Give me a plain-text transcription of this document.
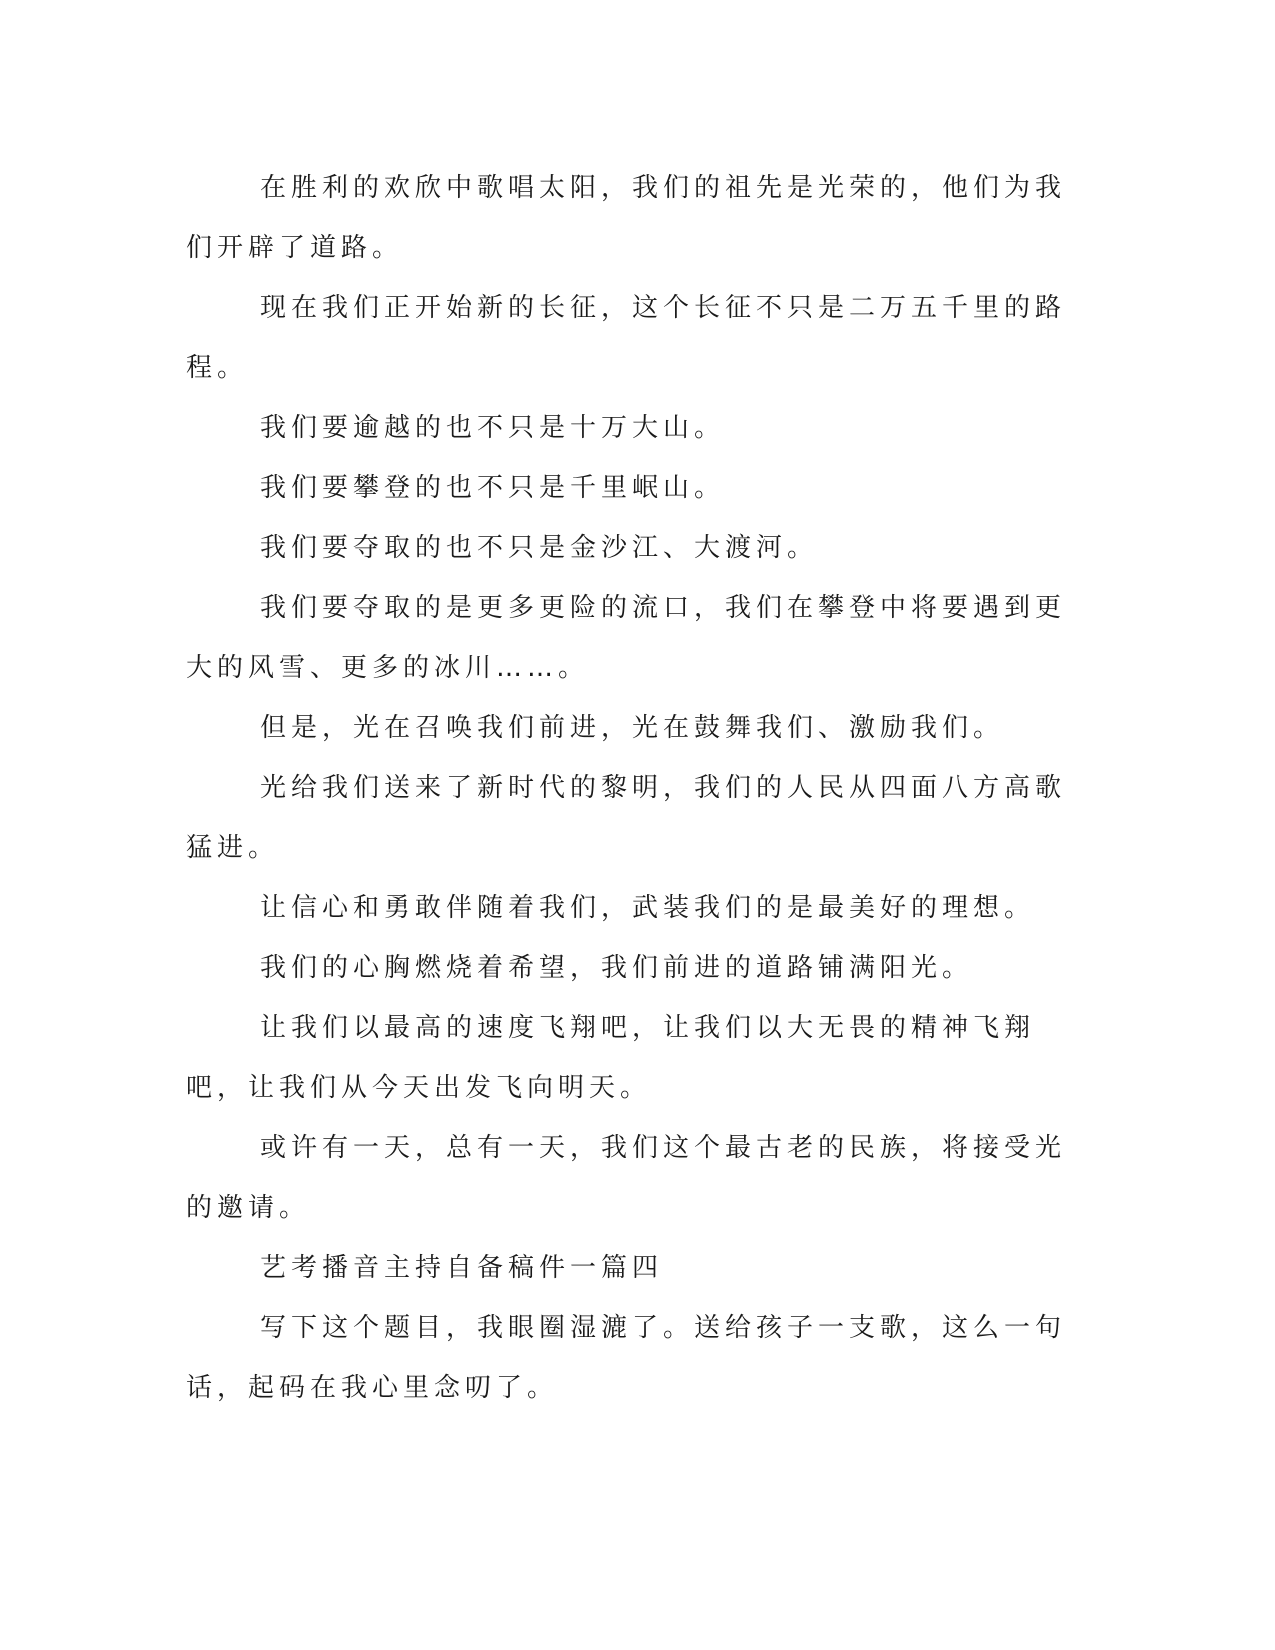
在胜利的欢欣中歌唱太阳，我们的祖先是光荣的，他们为我们开辟了道路。

现在我们正开始新的长征，这个长征不只是二万五千里的路程。

我们要逾越的也不只是十万大山。

我们要攀登的也不只是千里岷山。

我们要夺取的也不只是金沙江、大渡河。

我们要夺取的是更多更险的流口，我们在攀登中将要遇到更大的风雪、更多的冰川……。

但是，光在召唤我们前进，光在鼓舞我们、激励我们。

光给我们送来了新时代的黎明，我们的人民从四面八方高歌猛进。

让信心和勇敢伴随着我们，武装我们的是最美好的理想。

我们的心胸燃烧着希望，我们前进的道路铺满阳光。

让我们以最高的速度飞翔吧，让我们以大无畏的精神飞翔吧，让我们从今天出发飞向明天。

或许有一天，总有一天，我们这个最古老的民族，将接受光的邀请。

艺考播音主持自备稿件一篇四

写下这个题目，我眼圈湿漉了。送给孩子一支歌，这么一句话，起码在我心里念叨了。
